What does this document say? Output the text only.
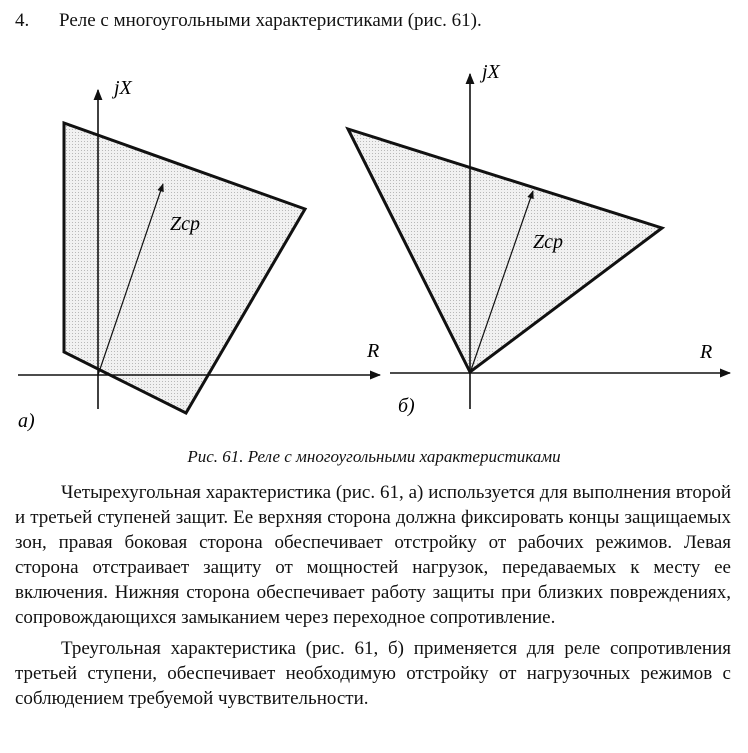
4. Реле с многоугольными характеристиками (рис. 61).
jX
R
Zср
а)
jX
R
Zср
б)
Рис. 61. Реле с многоугольными характеристиками

Четырехугольная характеристика (рис. 61, а) используется для выполнения второй и третьей ступеней защит. Ее верхняя сторона должна фиксировать концы защищаемых зон, правая боковая сторона обеспечивает отстройку от рабочих режимов. Левая сторона отстраивает защиту от мощностей нагрузок, передаваемых к месту ее включения. Нижняя сторона обеспечивает работу защиты при близких повреждениях, сопровождающихся замыканием через переходное сопротивление.

Треугольная характеристика (рис. 61, б) применяется для реле сопротивления третьей ступени, обеспечивает необходимую отстройку от нагрузочных режимов с соблюдением требуемой чувствительности.
